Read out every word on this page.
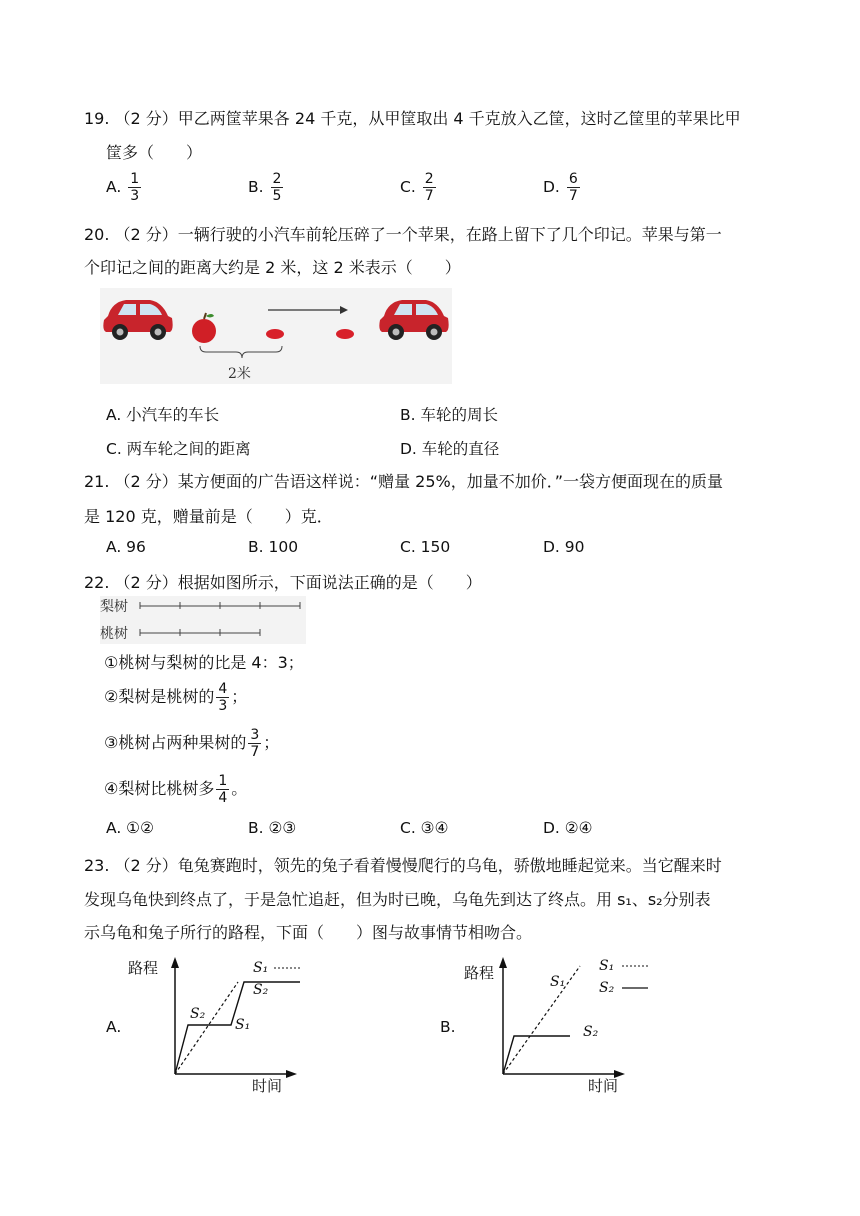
19. （2 分）甲乙两筐苹果各 24 千克，从甲筐取出 4 千克放入乙筐，这时乙筐里的苹果比甲
筐多（　　）
A. $\frac{1}{3}$	B. $\frac{2}{5}$	C. $\frac{2}{7}$	D. $\frac{6}{7}$
20. （2 分）一辆行驶的小汽车前轮压碎了一个苹果，在路上留下了几个印记。苹果与第一
个印记之间的距离大约是 2 米，这 2 米表示（　　）
2米
A. 小汽车的车长	B. 车轮的周长
C. 两车轮之间的距离	D. 车轮的直径
21. （2 分）某方便面的广告语这样说：“赠量 25%，加量不加价．”一袋方便面现在的质量
是 120 克，赠量前是（　　）克．
A. 96	B. 100	C. 150	D. 90
22. （2 分）根据如图所示，下面说法正确的是（　　）
梨树
桃树
①桃树与梨树的比是 4：3；
②梨树是桃树的 $\frac{4}{3}$ ；
③桃树占两种果树的 $\frac{3}{7}$ ；
④梨树比桃树多 $\frac{1}{4}$ 。
A. ①②	B. ②③	C. ③④	D. ②④
23. （2 分）龟兔赛跑时，领先的兔子看着慢慢爬行的乌龟，骄傲地睡起觉来。当它醒来时
发现乌龟快到终点了，于是急忙追赶，但为时已晚，乌龟先到达了终点。用 s₁、s₂分别表
示乌龟和兔子所行的路程，下面（　　）图与故事情节相吻合。
A.
路程
时间
S₁
S₂
S₂
S₁	B.
路程
时间
S₁
S₂
S₁
S₂
